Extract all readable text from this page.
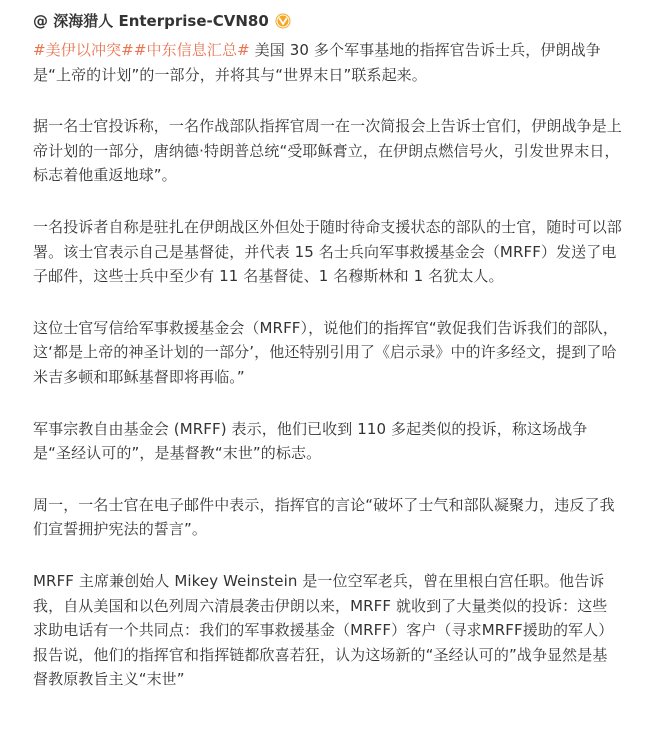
@ 深海猎人 Enterprise-CVN80

#美伊以冲突##中东信息汇总# 美国 30 多个军事基地的指挥官告诉士兵，伊朗战争是“上帝的计划”的一部分，并将其与“世界末日”联系起来。

据一名士官投诉称，一名作战部队指挥官周一在一次简报会上告诉士官们，伊朗战争是上帝计划的一部分，唐纳德·特朗普总统“受耶稣膏立，在伊朗点燃信号火，引发世界末日，标志着他重返地球”。

一名投诉者自称是驻扎在伊朗战区外但处于随时待命支援状态的部队的士官，随时可以部署。该士官表示自己是基督徒，并代表 15 名士兵向军事救援基金会（MRFF）发送了电子邮件，这些士兵中至少有 11 名基督徒、1 名穆斯林和 1 名犹太人。

这位士官写信给军事救援基金会（MRFF），说他们的指挥官“敦促我们告诉我们的部队，这‘都是上帝的神圣计划的一部分’，他还特别引用了《启示录》中的许多经文，提到了哈米吉多顿和耶稣基督即将再临。”

军事宗教自由基金会 (MRFF) 表示，他们已收到 110 多起类似的投诉，称这场战争是“圣经认可的”，是基督教“末世”的标志。

周一，一名士官在电子邮件中表示，指挥官的言论“破坏了士气和部队凝聚力，违反了我们宣誓拥护宪法的誓言”。

MRFF 主席兼创始人 Mikey Weinstein 是一位空军老兵，曾在里根白宫任职。他告诉我，自从美国和以色列周六清晨袭击伊朗以来，MRFF 就收到了大量类似的投诉：这些求助电话有一个共同点：我们的军事救援基金（MRFF）客户（寻求MRFF援助的军人）报告说，他们的指挥官和指挥链都欣喜若狂，认为这场新的“圣经认可的”战争显然是基督教原教旨主义“末世”
